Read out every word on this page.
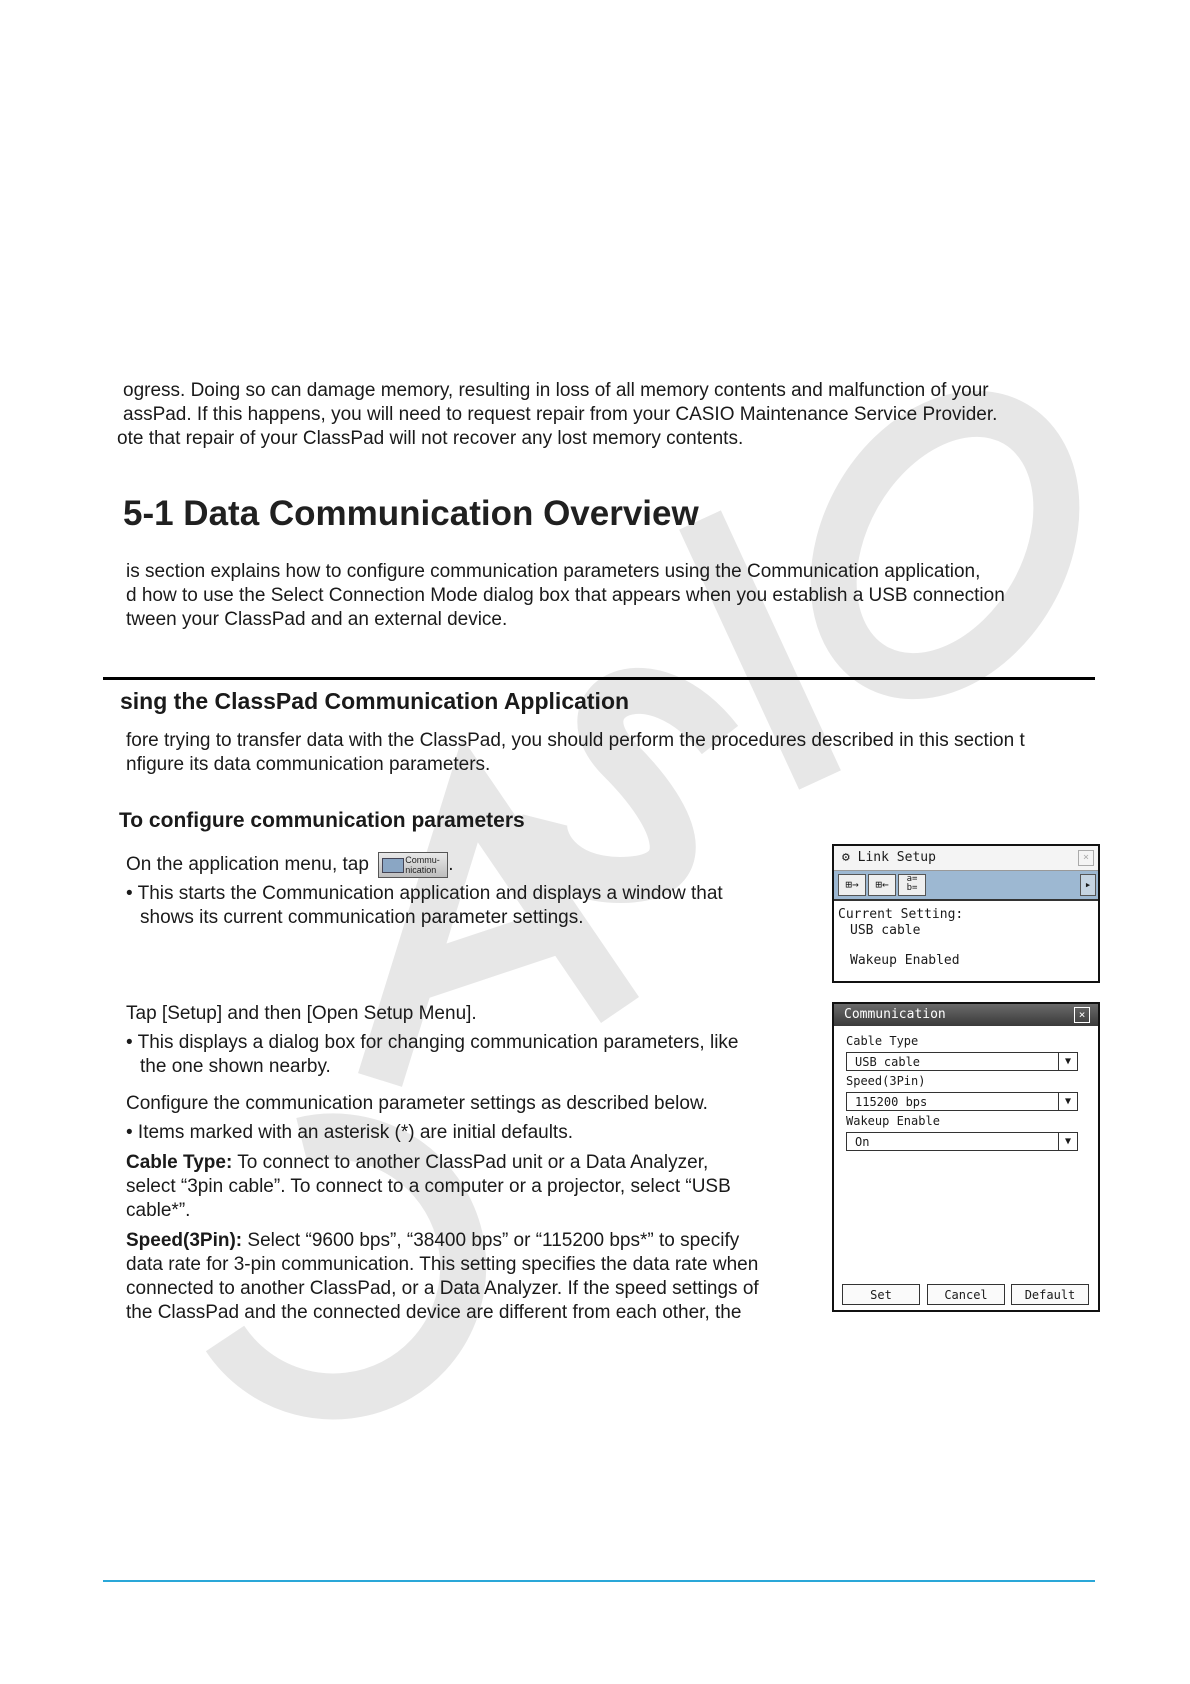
ogress. Doing so can damage memory, resulting in loss of all memory contents and malfunction of your
assPad. If this happens, you will need to request repair from your CASIO Maintenance Service Provider.
ote that repair of your ClassPad will not recover any lost memory contents.
5-1 Data Communication Overview
is section explains how to configure communication parameters using the Communication application,
d how to use the Select Connection Mode dialog box that appears when you establish a USB connection
tween your ClassPad and an external device.
sing the ClassPad Communication Application
fore trying to transfer data with the ClassPad, you should perform the procedures described in this section t
nfigure its data communication parameters.
To configure communication parameters
On the application menu, tap	Commu-
nication .
• This starts the Communication application and displays a window that
shows its current communication parameter settings.
Tap [Setup] and then [Open Setup Menu].
• This displays a dialog box for changing communication parameters, like
the one shown nearby.
Configure the communication parameter settings as described below.
• Items marked with an asterisk (*) are initial defaults.
Cable Type: To connect to another ClassPad unit or a Data Analyzer,
select “3pin cable”. To connect to a computer or a projector, select “USB
cable*”.
Speed(3Pin): Select “9600 bps”, “38400 bps” or “115200 bps*” to specify
data rate for 3-pin communication. This setting specifies the data rate when
connected to another ClassPad, or a Data Analyzer. If the speed settings of
the ClassPad and the connected device are different from each other, the
⚙ Link Setup	×
⊞→	⊞←	a=
b=	▸
Current Setting:
USB cable
Wakeup Enabled
Communication	×
Cable Type
USB cable	▼
Speed(3Pin)
115200 bps	▼
Wakeup Enable
On	▼
Set	Cancel	Default
